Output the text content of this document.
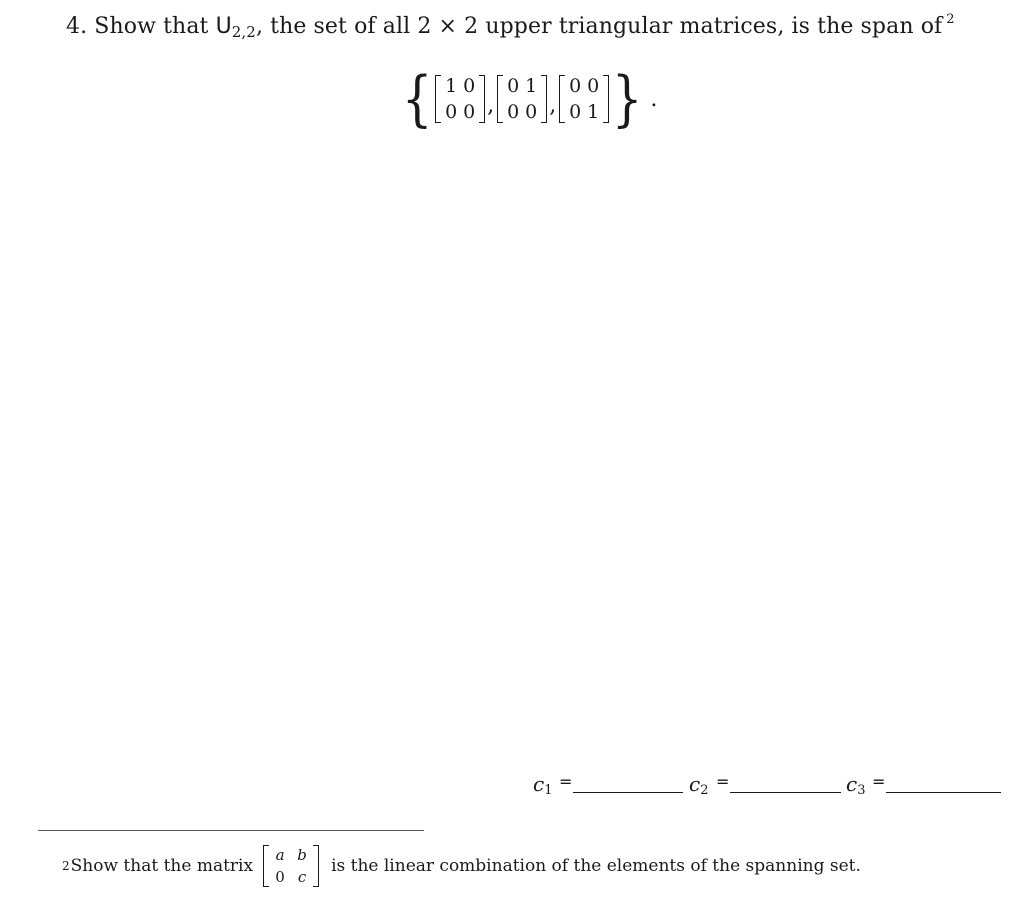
4. Show that $U_{2,2}$, the set of all 2 × 2 upper triangular matrices, is the span of $^2$
{ 1 0
0 0 ,
0 1
0 0 ,
0 0
0 1 } .
$c_1$ =	$c_2$ =	$c_3$ =
2 Show that the matrix
a b
0 c
is the linear combination of the elements of the spanning set.
